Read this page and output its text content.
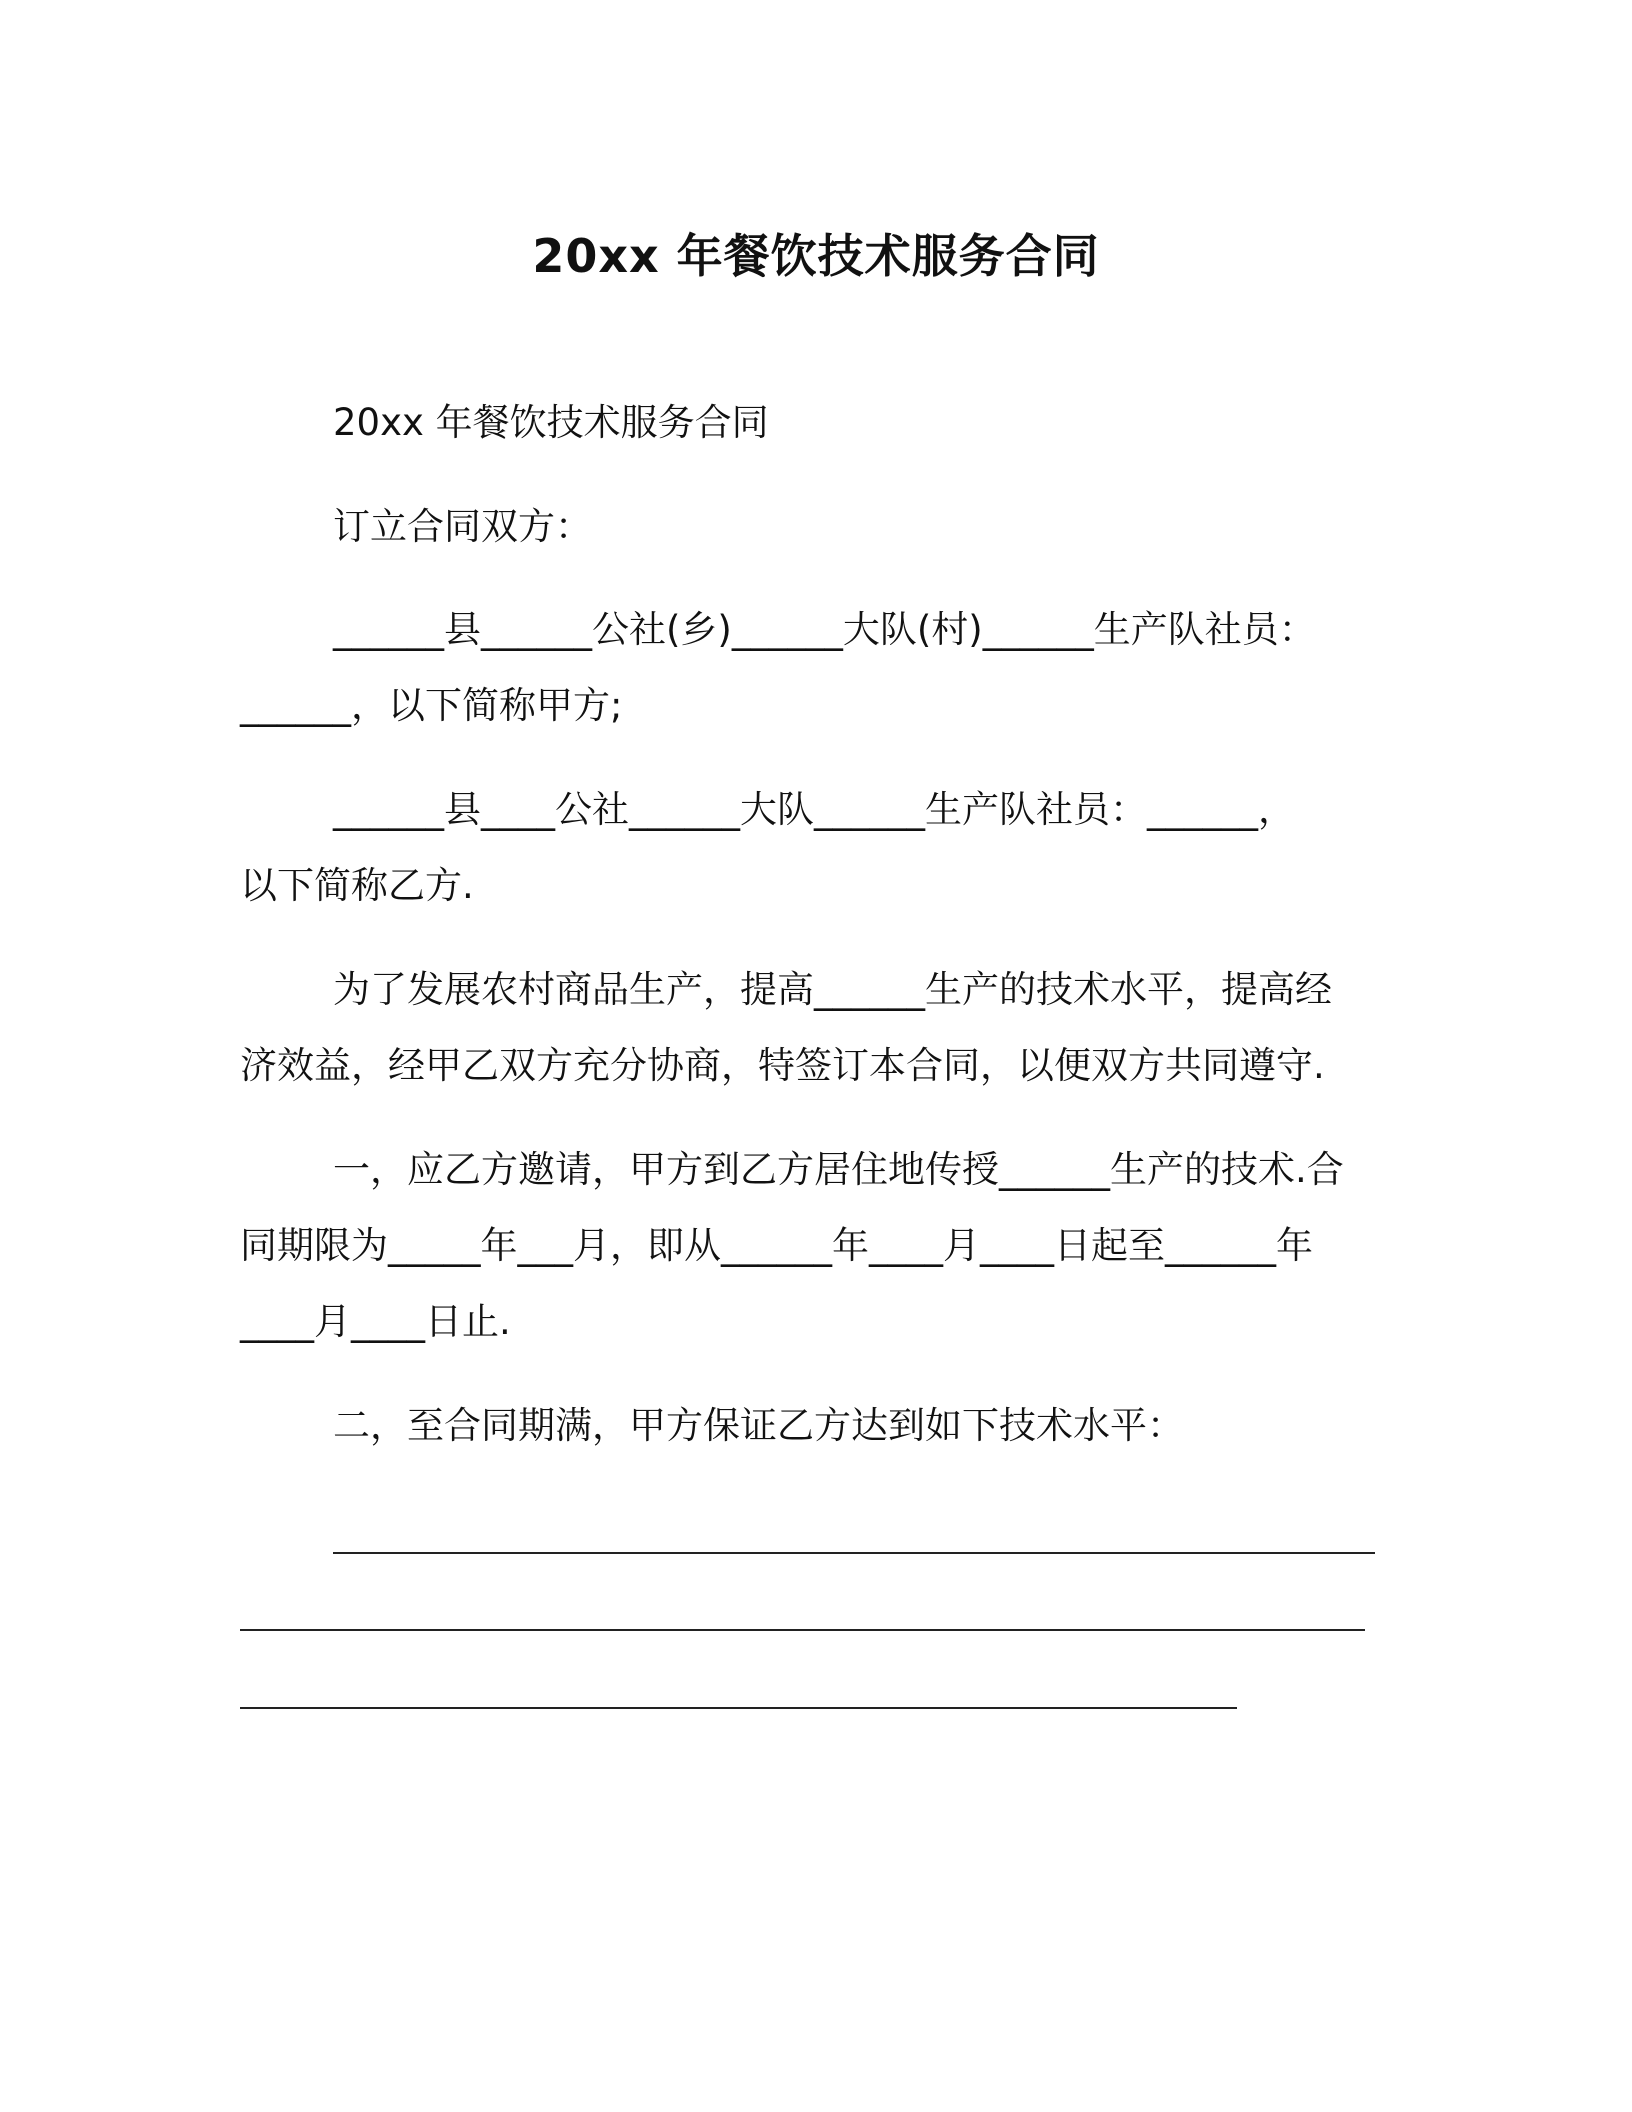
20xx 年餐饮技术服务合同
20xx 年餐饮技术服务合同
订立合同双方：
______县______公社(乡)______大队(村)______生产队社员：
______，以下简称甲方;
______县____公社______大队______生产队社员：______，
以下简称乙方.
为了发展农村商品生产，提高______生产的技术水平，提高经
济效益，经甲乙双方充分协商，特签订本合同，以便双方共同遵守.
一，应乙方邀请，甲方到乙方居住地传授______生产的技术.合
同期限为_____年___月，即从______年____月____日起至______年
____月____日止.
二，至合同期满，甲方保证乙方达到如下技术水平：
